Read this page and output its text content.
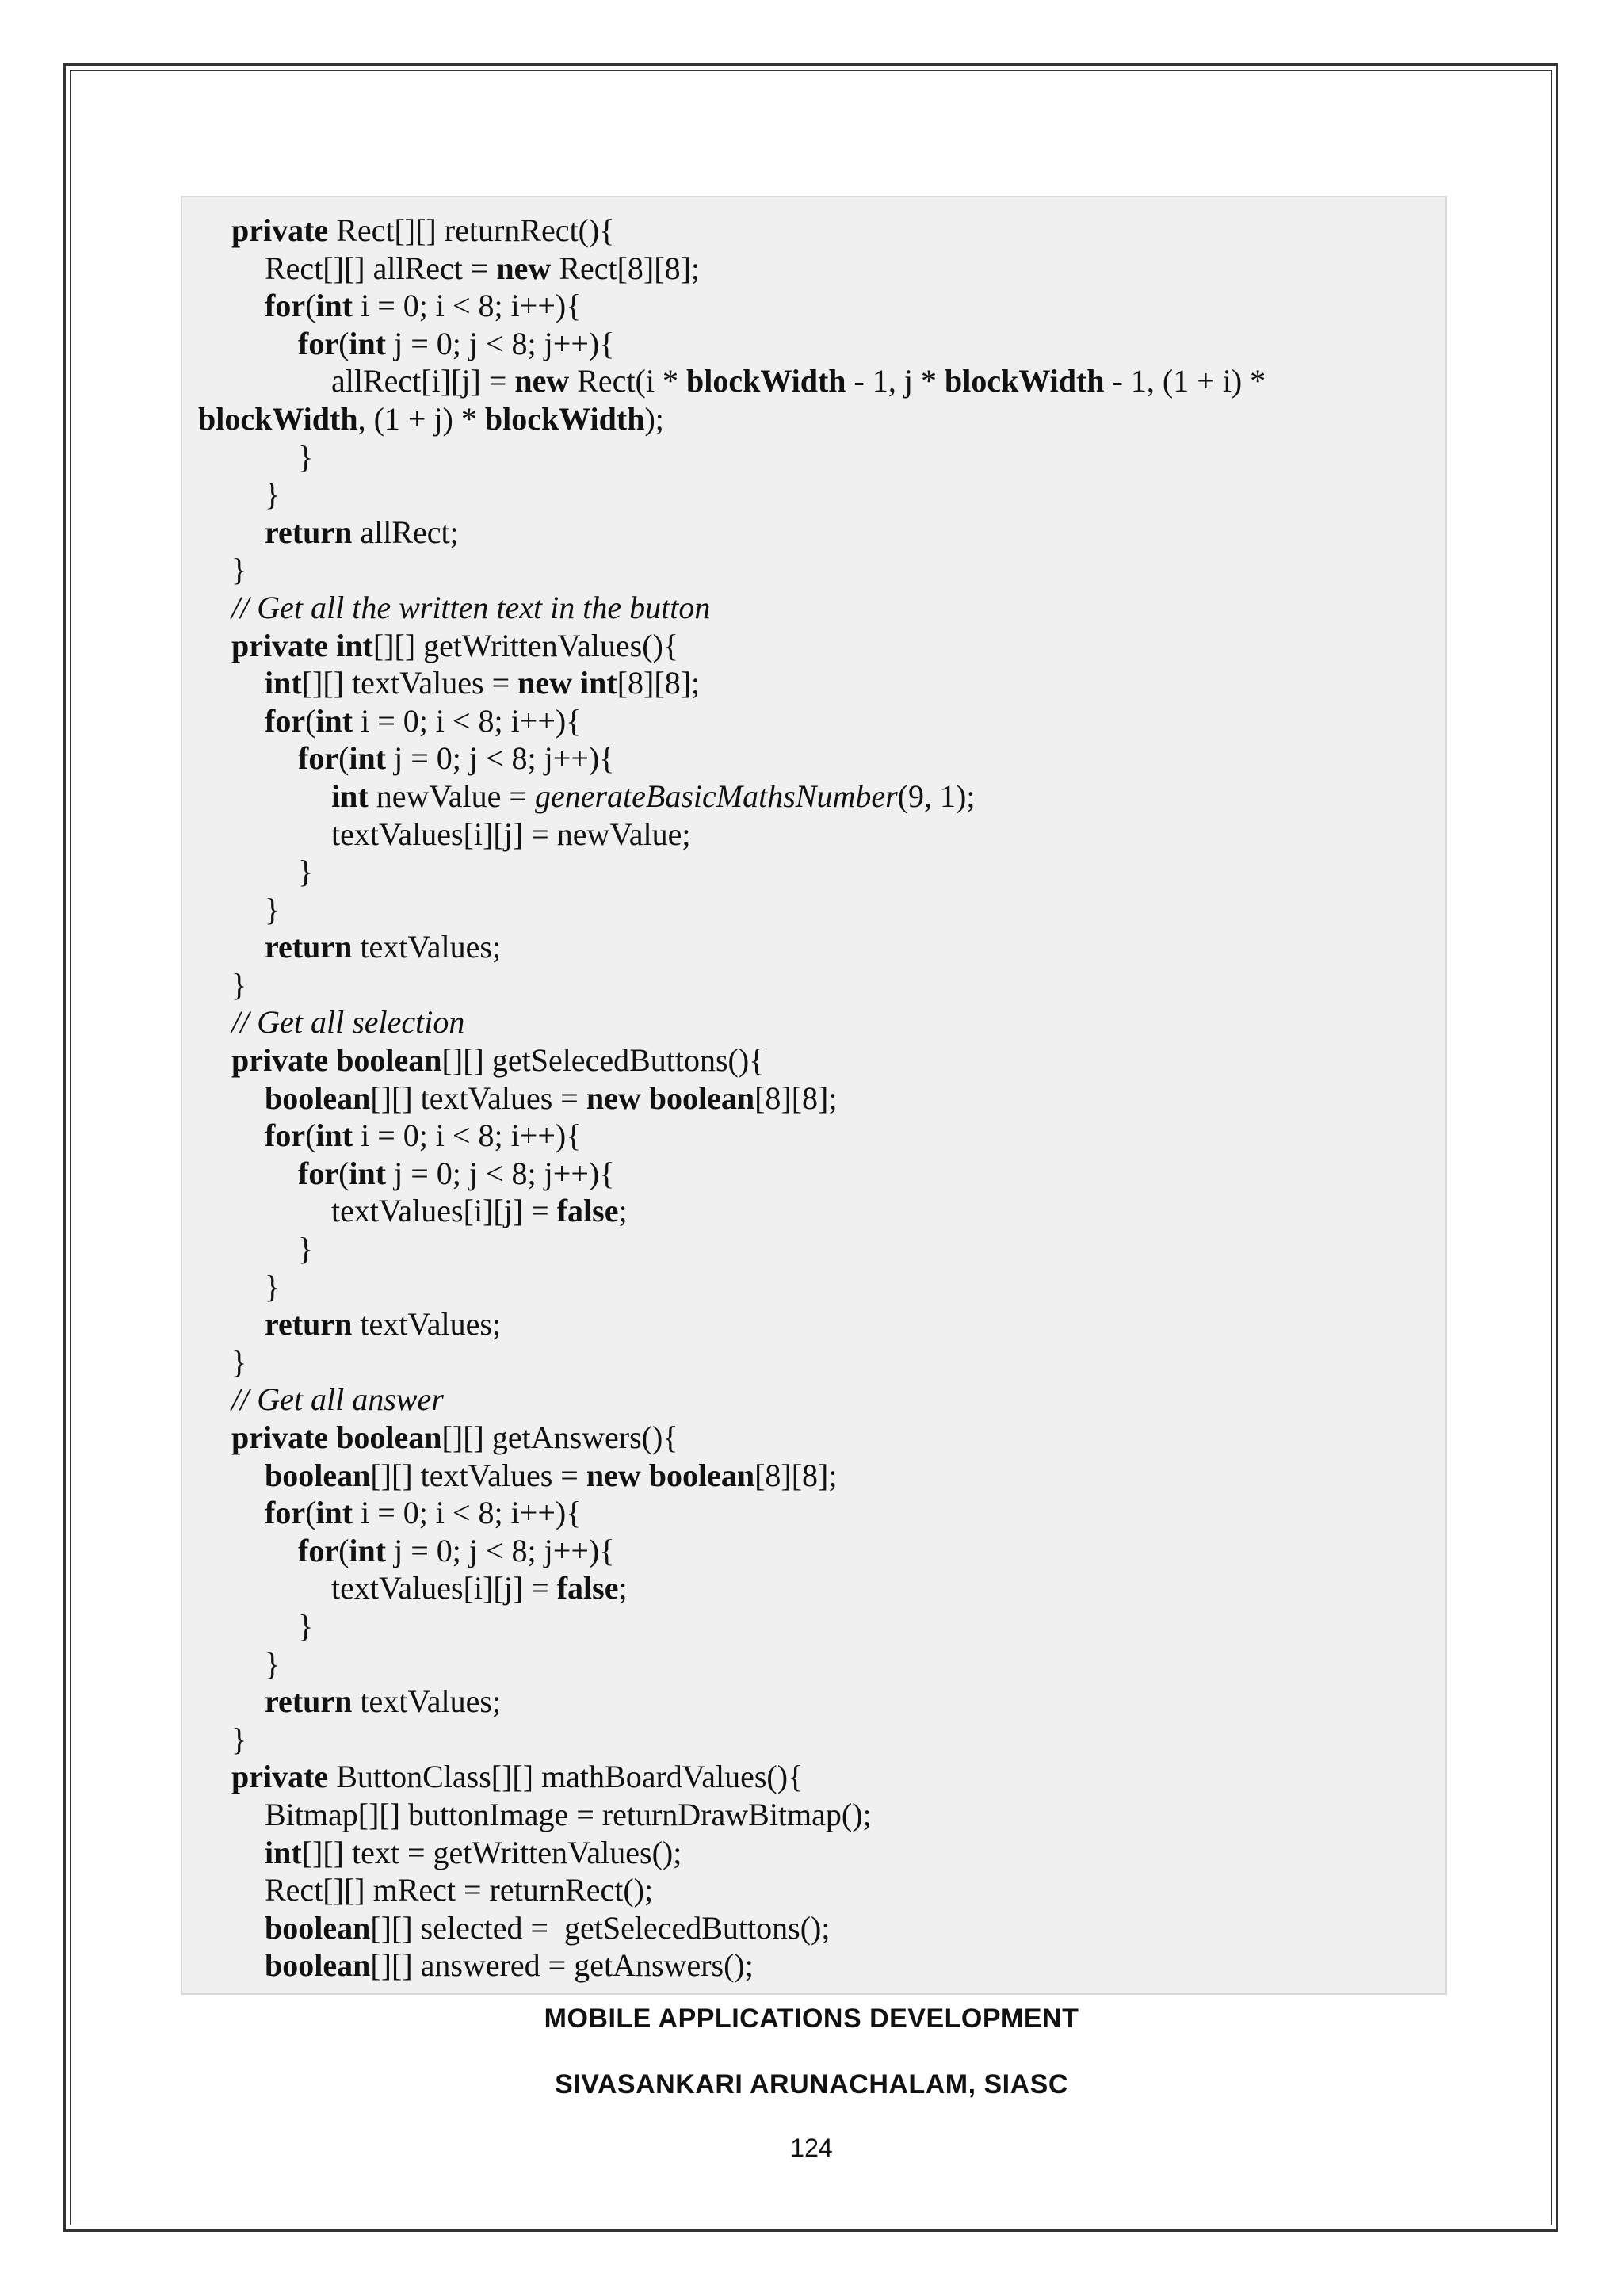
private Rect[][] returnRect(){
Rect[][] allRect = new Rect[8][8];
for(int i = 0; i < 8; i++){
for(int j = 0; j < 8; j++){
allRect[i][j] = new Rect(i * blockWidth - 1, j * blockWidth - 1, (1 + i) *
blockWidth, (1 + j) * blockWidth);
}
}
return allRect;
}
// Get all the written text in the button
private int[][] getWrittenValues(){
int[][] textValues = new int[8][8];
for(int i = 0; i < 8; i++){
for(int j = 0; j < 8; j++){
int newValue = generateBasicMathsNumber(9, 1);
textValues[i][j] = newValue;
}
}
return textValues;
}
// Get all selection
private boolean[][] getSelecedButtons(){
boolean[][] textValues = new boolean[8][8];
for(int i = 0; i < 8; i++){
for(int j = 0; j < 8; j++){
textValues[i][j] = false;
}
}
return textValues;
}
// Get all answer
private boolean[][] getAnswers(){
boolean[][] textValues = new boolean[8][8];
for(int i = 0; i < 8; i++){
for(int j = 0; j < 8; j++){
textValues[i][j] = false;
}
}
return textValues;
}
private ButtonClass[][] mathBoardValues(){
Bitmap[][] buttonImage = returnDrawBitmap();
int[][] text = getWrittenValues();
Rect[][] mRect = returnRect();
boolean[][] selected =  getSelecedButtons();
boolean[][] answered = getAnswers();
MOBILE APPLICATIONS DEVELOPMENT
SIVASANKARI ARUNACHALAM, SIASC
124
